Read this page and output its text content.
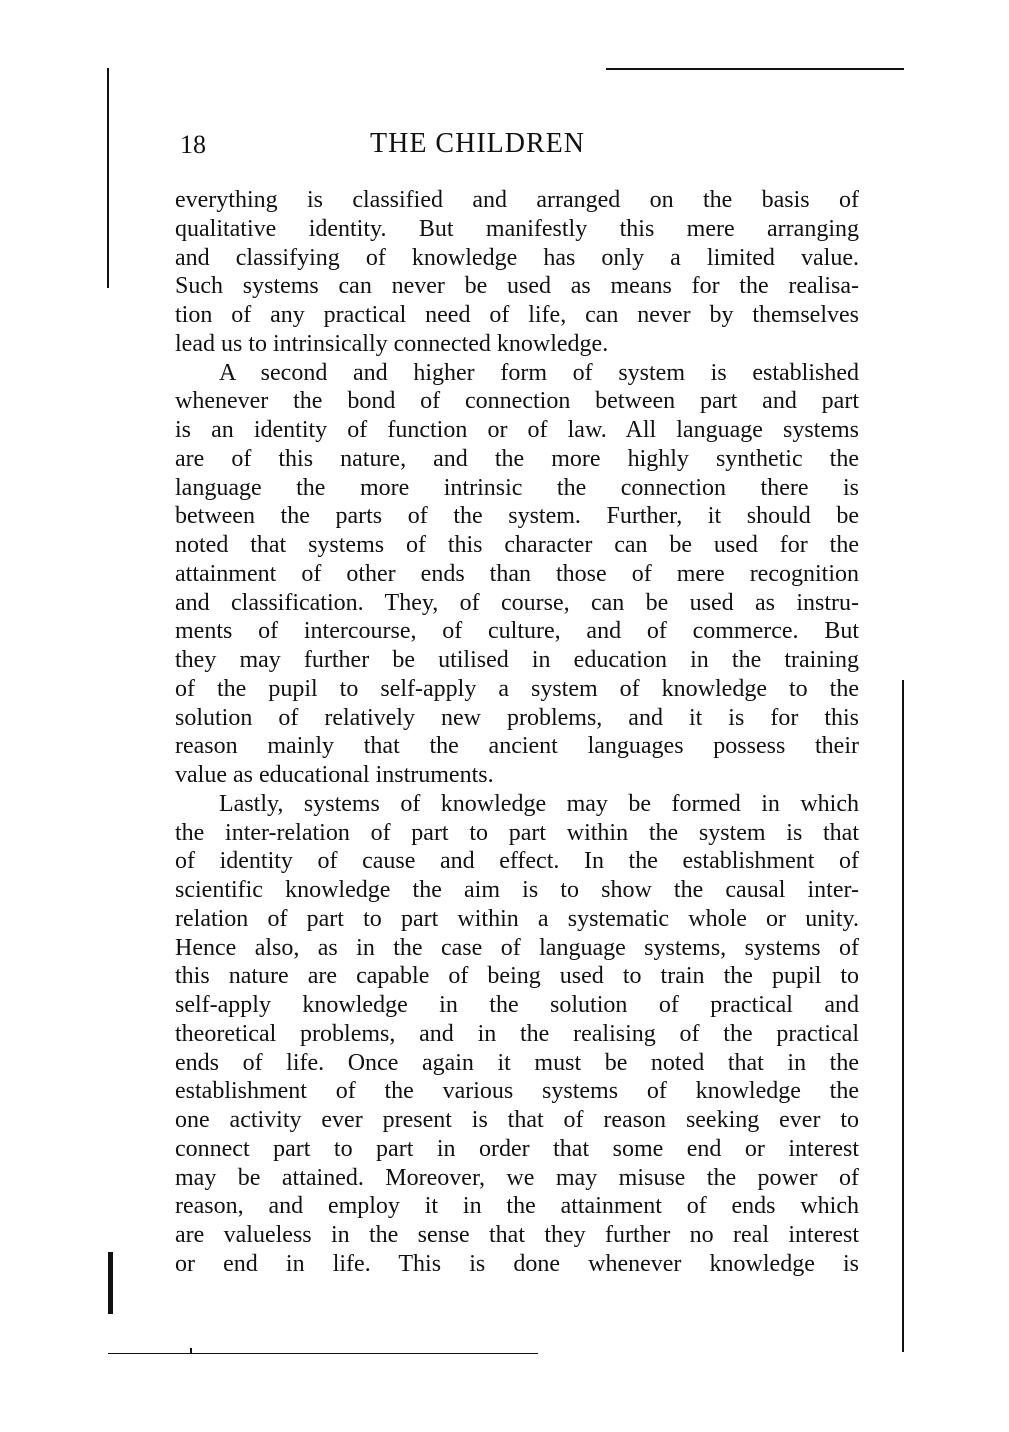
18	THE CHILDREN
everything is classified and arranged on the basis of
qualitative identity. But manifestly this mere arranging
and classifying of knowledge has only a limited value.
Such systems can never be used as means for the realisa-
tion of any practical need of life, can never by themselves
lead us to intrinsically connected knowledge.
A second and higher form of system is established
whenever the bond of connection between part and part
is an identity of function or of law. All language systems
are of this nature, and the more highly synthetic the
language the more intrinsic the connection there is
between the parts of the system. Further, it should be
noted that systems of this character can be used for the
attainment of other ends than those of mere recognition
and classification. They, of course, can be used as instru-
ments of intercourse, of culture, and of commerce. But
they may further be utilised in education in the training
of the pupil to self-apply a system of knowledge to the
solution of relatively new problems, and it is for this
reason mainly that the ancient languages possess their
value as educational instruments.
Lastly, systems of knowledge may be formed in which
the inter-relation of part to part within the system is that
of identity of cause and effect. In the establishment of
scientific knowledge the aim is to show the causal inter-
relation of part to part within a systematic whole or unity.
Hence also, as in the case of language systems, systems of
this nature are capable of being used to train the pupil to
self-apply knowledge in the solution of practical and
theoretical problems, and in the realising of the practical
ends of life. Once again it must be noted that in the
establishment of the various systems of knowledge the
one activity ever present is that of reason seeking ever to
connect part to part in order that some end or interest
may be attained. Moreover, we may misuse the power of
reason, and employ it in the attainment of ends which
are valueless in the sense that they further no real interest
or end in life. This is done whenever knowledge is
